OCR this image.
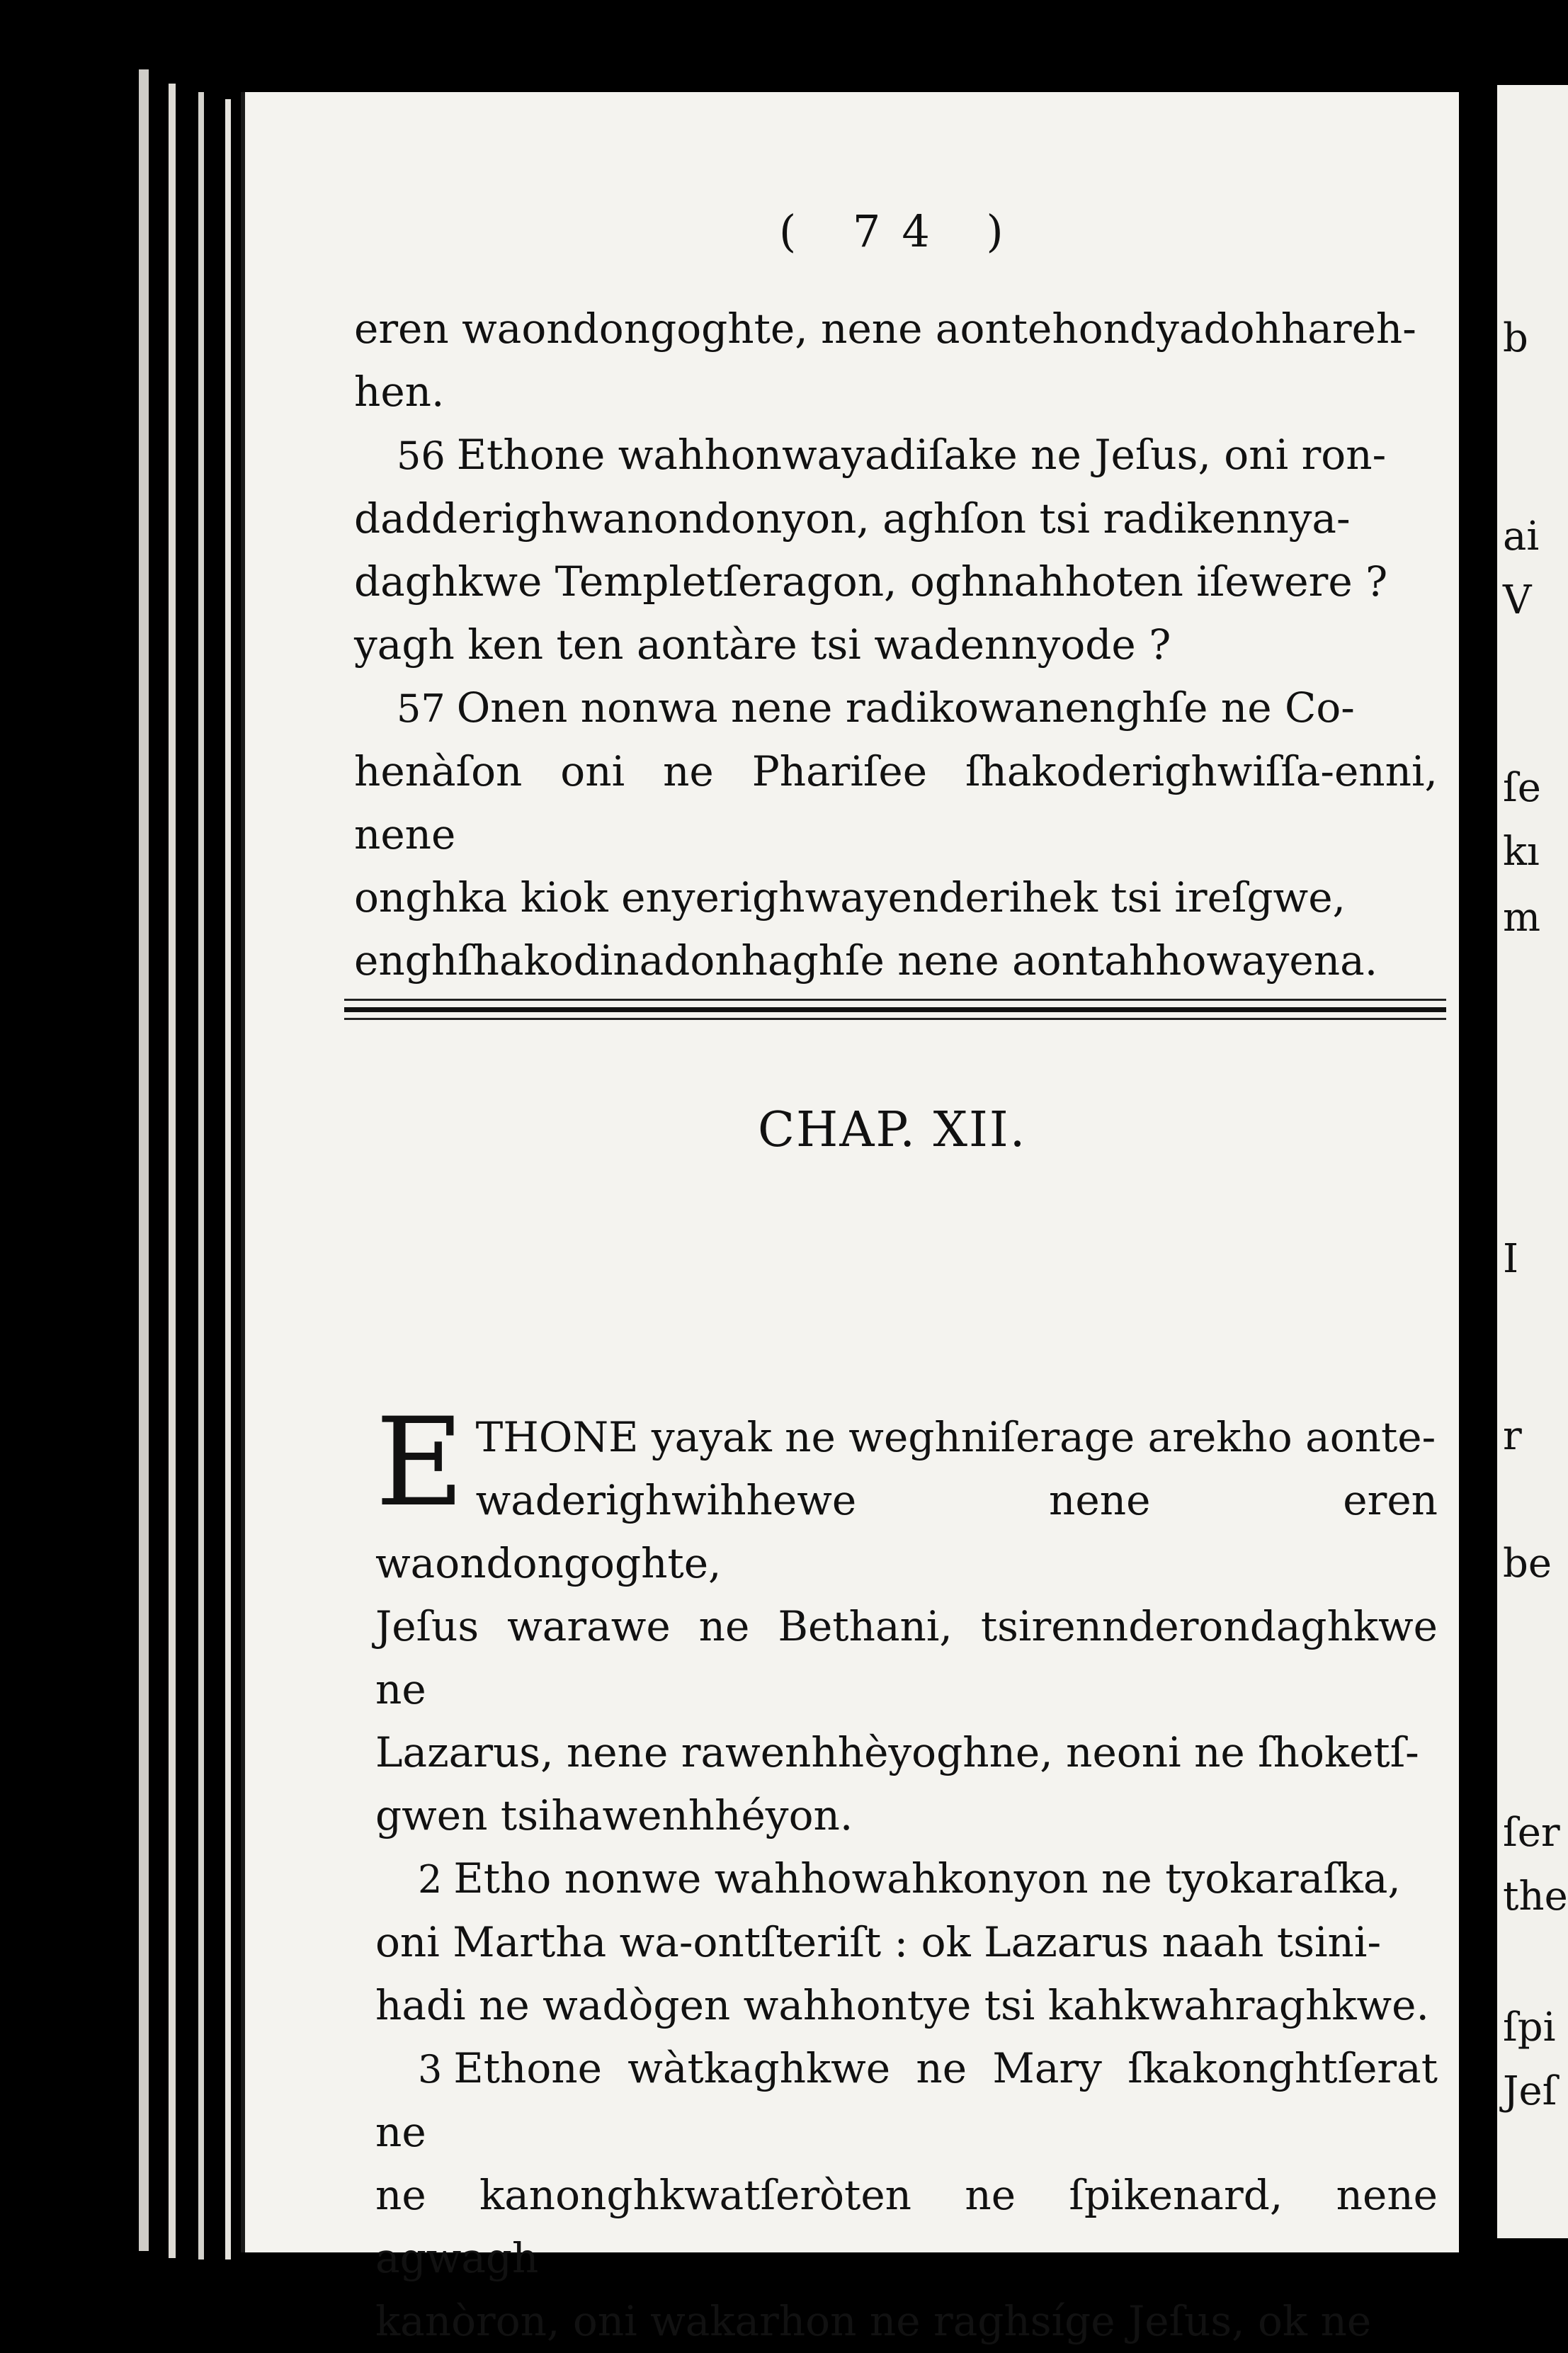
b
ai
V
ſe
kı
m
I
r
be
ſer
the
ſpi
Jeſ
( 74 )

eren waondongoghte, nene aontehondyadohhareh-

hen.

56 Ethone wahhonwayadiſake ne Jeſus, oni ron-

dadderighwanondonyon, aghſon tsi radikennya-

daghkwe Templetſeragon, oghnahhoten iſewere ?

yagh ken ten aontàre tsi wadennyode ?

57 Onen nonwa nene radikowanenghſe ne Co-

henàſon oni ne Phariſee ſhakoderighwiſſa-enni, nene

onghka kiok enyerighwayenderihek tsi ireſgwe,

enghſhakodinadonhaghſe nene aontahhowayena.

CHAP. XII.
E THONE yayak ne weghniſerage arekho aonte-

waderighwihhewe nene eren waondongoghte,

Jeſus warawe ne Bethani, tsirennderondaghkwe ne

Lazarus, nene rawenhhèyoghne, neoni ne ſhoketſ-

gwen tsihawenhhéyon.

2 Etho nonwe wahhowahkonyon ne tyokaraſka,

oni Martha wa-ontſteriſt : ok Lazarus naah tsini-

hadi ne wadògen wahhontye tsi kahkwahraghkwe.

3 Ethone wàtkaghkwe ne Mary ſkakonghtſerat ne

ne kanonghkwatſeròten ne ſpikenard, nene agwagh

kanòron, oni wakarhon ne raghsíge Jeſus, ok ne
